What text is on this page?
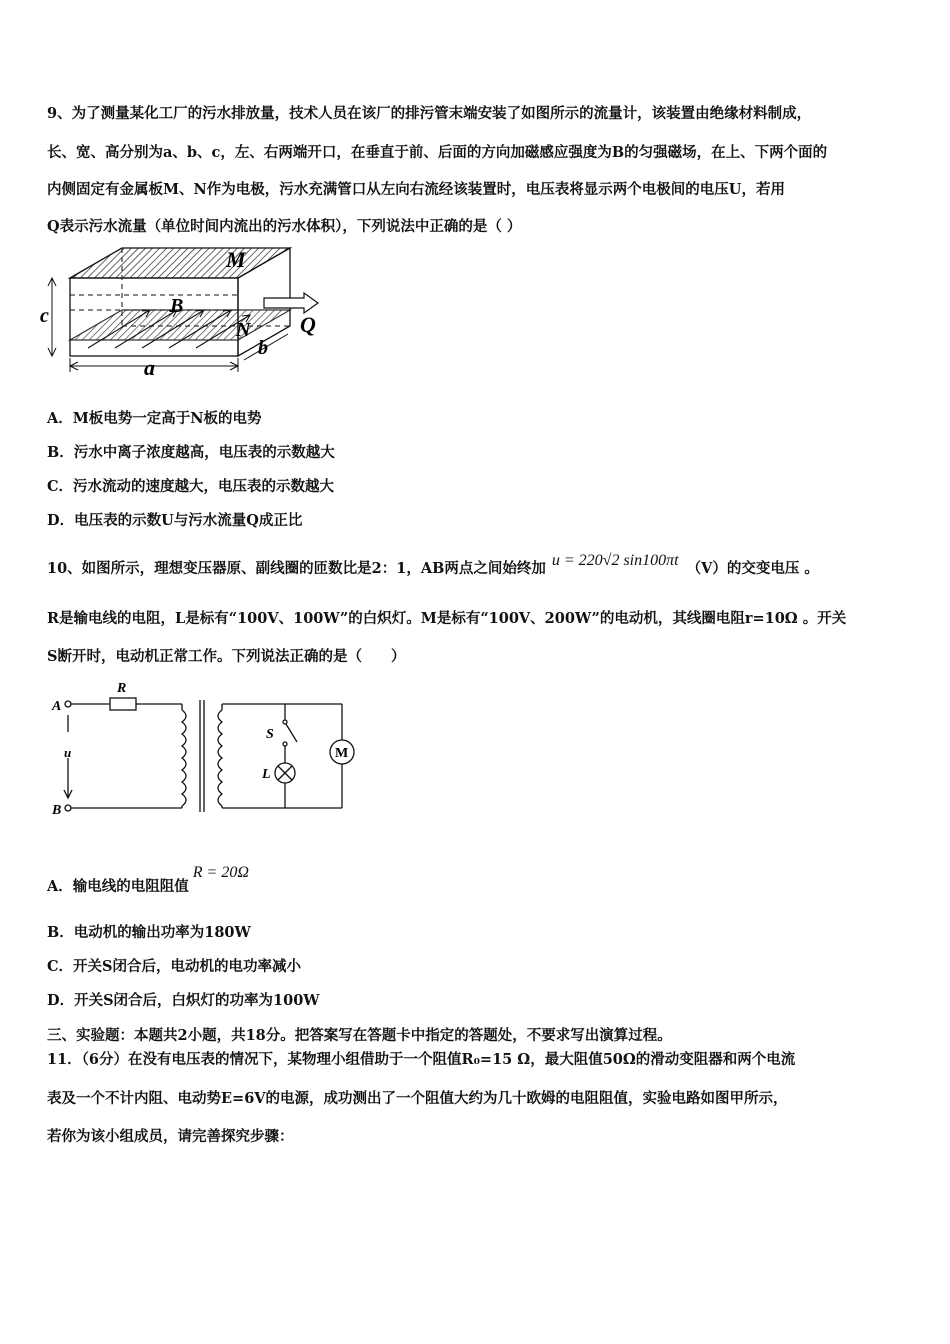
9、为了测量某化工厂的污水排放量，技术人员在该厂的排污管末端安装了如图所示的流量计，该装置由绝缘材料制成，
长、宽、高分别为a、b、c，左、右两端开口，在垂直于前、后面的方向加磁感应强度为B的匀强磁场，在上、下两个面的
内侧固定有金属板M、N作为电极，污水充满管口从左向右流经该装置时，电压表将显示两个电极间的电压U，若用
Q表示污水流量（单位时间内流出的污水体积），下列说法中正确的是（ ）
M
N
B
Q
a
b
c
A．M板电势一定高于N板的电势
B．污水中离子浓度越高，电压表的示数越大
C．污水流动的速度越大，电压表的示数越大
D．电压表的示数U与污水流量Q成正比
10、如图所示，理想变压器原、副线圈的匝数比是2：1，AB两点之间始终加 u = 220√2 sin100πt （V）的交变电压 。
R是输电线的电阻，L是标有“100V、100W”的白炽灯。M是标有“100V、200W”的电动机，其线圈电阻r=10Ω 。开关
S断开时，电动机正常工作。下列说法正确的是（　　）
A
B
u
R
S
L
M
A．输电线的电阻阻值R = 20Ω
B．电动机的输出功率为180W
C．开关S闭合后，电动机的电功率减小
D．开关S闭合后，白炽灯的功率为100W
三、实验题：本题共2小题，共18分。把答案写在答题卡中指定的答题处，不要求写出演算过程。
11．（6分）在没有电压表的情况下，某物理小组借助于一个阻值R₀=15 Ω，最大阻值50Ω的滑动变阻器和两个电流
表及一个不计内阻、电动势E=6V的电源，成功测出了一个阻值大约为几十欧姆的电阻阻值，实验电路如图甲所示，
若你为该小组成员，请完善探究步骤：
